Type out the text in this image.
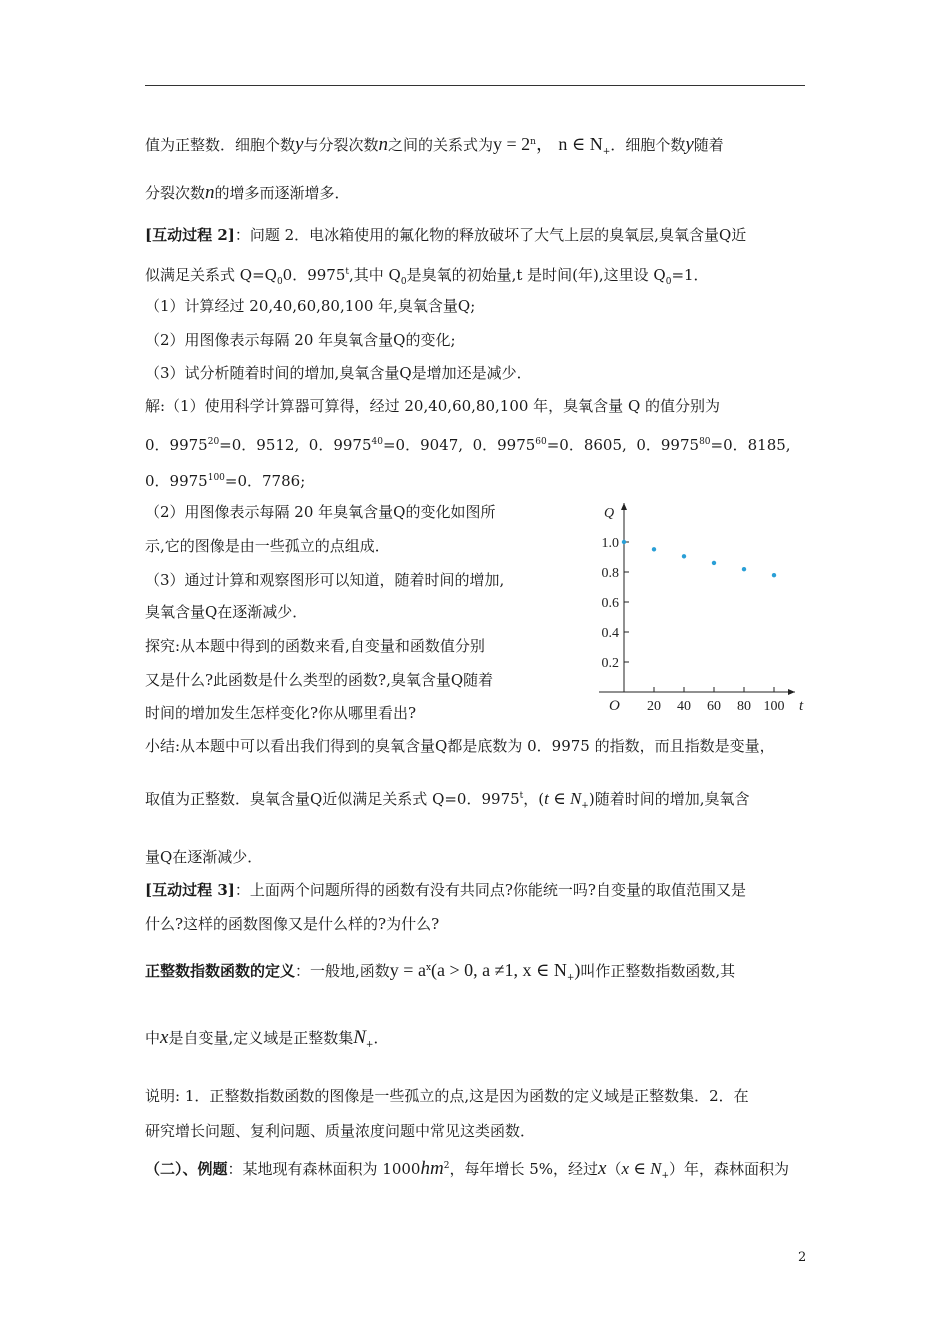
值为正整数．细胞个数y与分裂次数n之间的关系式为$y = 2^n$， n ∈ $N_+$．细胞个数y随着
分裂次数n的增多而逐渐增多．
[互动过程 2]：问题 2．电冰箱使用的氟化物的释放破坏了大气上层的臭氧层,臭氧含量Q近
似满足关系式 $Q=Q_00$．9975$^t$,其中 $Q_0$是臭氧的初始量,t 是时间(年),这里设 $Q_0=1$．
（1）计算经过 20,40,60,80,100 年,臭氧含量Q;
（2）用图像表示每隔 20 年臭氧含量Q的变化;
（3）试分析随着时间的增加,臭氧含量Q是增加还是减少．
解:（1）使用科学计算器可算得，经过 20,40,60,80,100 年，臭氧含量 Q 的值分别为
0．$9975^{20}=0$．9512, 0．$9975^{40}=0$．9047, 0．$9975^{60}=0$．8605, 0．$9975^{80}=0$．8185,
0．$9975^{100}=0$．7786;
（2）用图像表示每隔 20 年臭氧含量Q的变化如图所
示,它的图像是由一些孤立的点组成．
（3）通过计算和观察图形可以知道，随着时间的增加,
臭氧含量Q在逐渐减少．
探究:从本题中得到的函数来看,自变量和函数值分别
又是什么?此函数是什么类型的函数?,臭氧含量Q随着
时间的增加发生怎样变化?你从哪里看出?
Q
t
O
0.2
0.4
0.6
0.8
1.0
20 40 60 80 100
小结:从本题中可以看出我们得到的臭氧含量Q都是底数为 0．9975 的指数，而且指数是变量，
取值为正整数．臭氧含量Q近似满足关系式 Q=0．9975$^t$，(t ∈ $N_+$)随着时间的增加,臭氧含
量Q在逐渐减少．
[互动过程 3]：上面两个问题所得的函数有没有共同点?你能统一吗?自变量的取值范围又是
什么?这样的函数图像又是什么样的?为什么?
正整数指数函数的定义：一般地,函数$y = a^x(a > 0$, a ≠1, x ∈ $N_+$)叫作正整数指数函数,其
中x是自变量,定义域是正整数集$N_+$．
说明: 1．正整数指数函数的图像是一些孤立的点,这是因为函数的定义域是正整数集．2．在
研究增长问题、复利问题、质量浓度问题中常见这类函数．
（二）、例题：某地现有森林面积为 $1000hm^2$，每年增长 5%，经过x（x ∈ $N_+$）年，森林面积为
2
